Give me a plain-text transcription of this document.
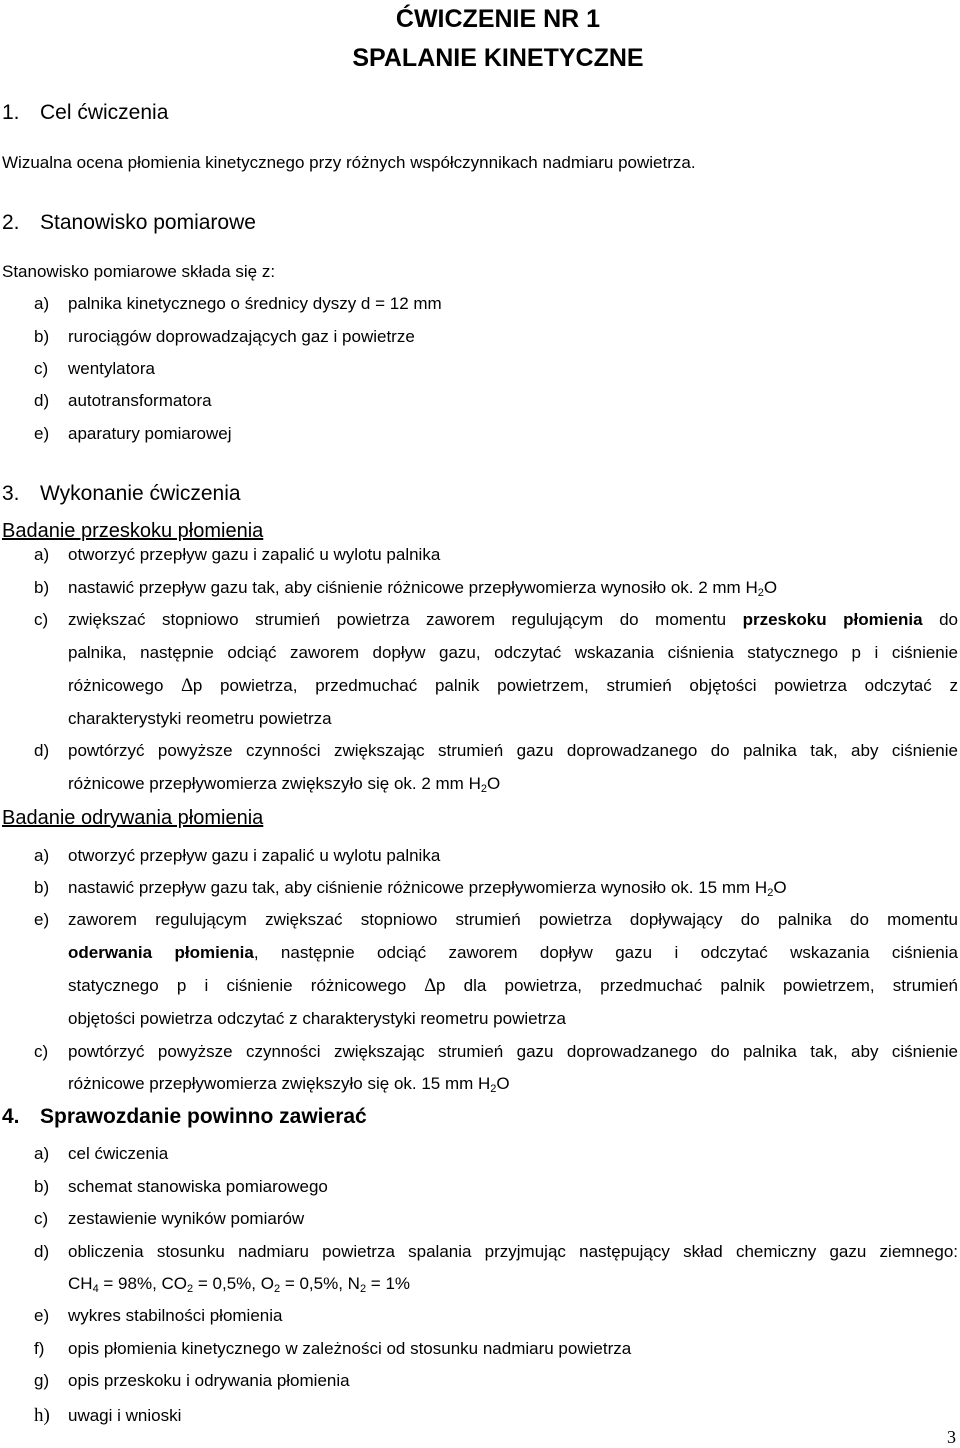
ĆWICZENIE NR 1
SPALANIE KINETYCZNE
1. Cel ćwiczenia
Wizualna ocena płomienia kinetycznego przy różnych współczynnikach nadmiaru powietrza.
2. Stanowisko pomiarowe
Stanowisko pomiarowe składa się z:
a) palnika kinetycznego o średnicy dyszy d = 12 mm
b) rurociągów doprowadzających gaz i powietrze
c) wentylatora
d) autotransformatora
e) aparatury pomiarowej
3. Wykonanie ćwiczenia
Badanie przeskoku płomienia
a) otworzyć przepływ gazu i zapalić u wylotu palnika
b) nastawić przepływ gazu tak, aby ciśnienie różnicowe przepływomierza wynosiło ok. 2 mm $H_2O$
c) zwiększać stopniowo strumień powietrza zaworem regulującym do momentu przeskoku płomienia do
palnika, następnie odciąć zaworem dopływ gazu, odczytać wskazania ciśnienia statycznego p i ciśnienie
różnicowego ∆p powietrza, przedmuchać palnik powietrzem, strumień objętości powietrza odczytać z
charakterystyki reometru powietrza
d) powtórzyć powyższe czynności zwiększając strumień gazu doprowadzanego do palnika tak, aby ciśnienie
różnicowe przepływomierza zwiększyło się ok. 2 mm $H_2O$
Badanie odrywania płomienia
a) otworzyć przepływ gazu i zapalić u wylotu palnika
b) nastawić przepływ gazu tak, aby ciśnienie różnicowe przepływomierza wynosiło ok. 15 mm $H_2O$
e) zaworem regulującym zwiększać stopniowo strumień powietrza dopływający do palnika do momentu
oderwania płomienia, następnie odciąć zaworem dopływ gazu i odczytać wskazania ciśnienia
statycznego p i ciśnienie różnicowego ∆p dla powietrza, przedmuchać palnik powietrzem, strumień
objętości powietrza odczytać z charakterystyki reometru powietrza
c) powtórzyć powyższe czynności zwiększając strumień gazu doprowadzanego do palnika tak, aby ciśnienie
różnicowe przepływomierza zwiększyło się ok. 15 mm $H_2O$
4. Sprawozdanie powinno zawierać
a) cel ćwiczenia
b) schemat stanowiska pomiarowego
c) zestawienie wyników pomiarów
d) obliczenia stosunku nadmiaru powietrza spalania przyjmując następujący skład chemiczny gazu ziemnego:
$CH_4 = 98\%$, $CO_2 = 0,5\%$, $O_2 = 0,5\%$, $N_2 = 1\%$
e) wykres stabilności płomienia
f) opis płomienia kinetycznego w zależności od stosunku nadmiaru powietrza
g) opis przeskoku i odrywania płomienia
h) uwagi i wnioski
3
